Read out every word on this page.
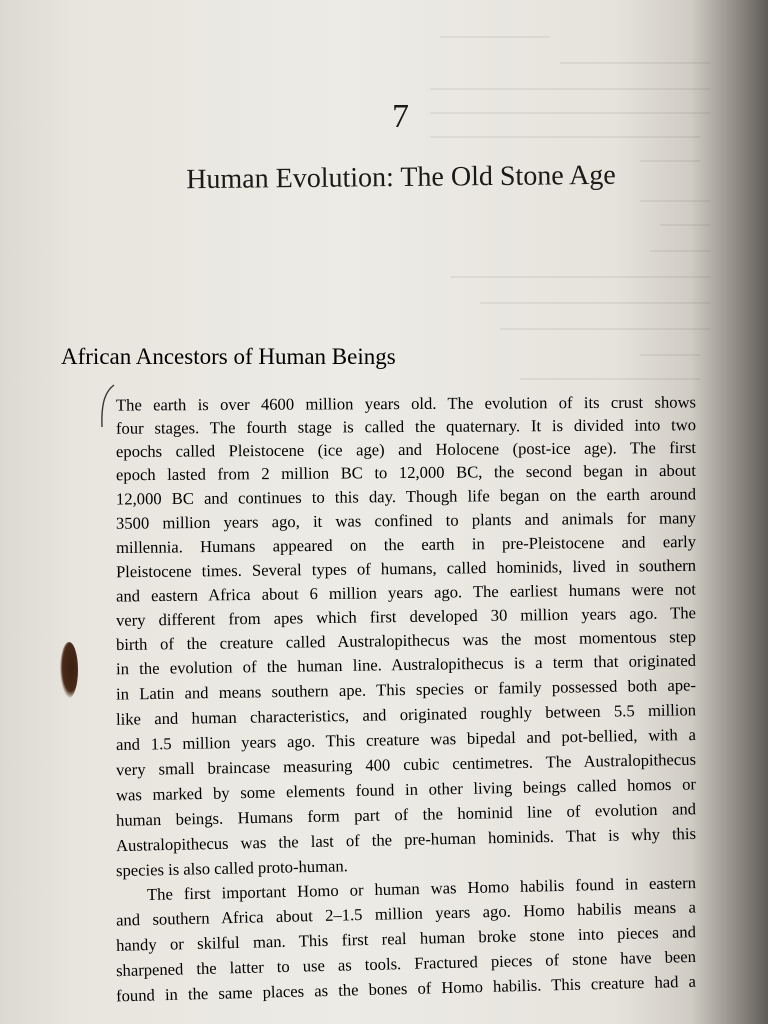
7
Human Evolution: The Old Stone Age
African Ancestors of Human Beings
The earth is over 4600 million years old. The evolution of its crust shows
four stages. The fourth stage is called the quaternary. It is divided into two
epochs called Pleistocene (ice age) and Holocene (post-ice age). The first
epoch lasted from 2 million BC to 12,000 BC, the second began in about
12,000 BC and continues to this day. Though life began on the earth around
3500 million years ago, it was confined to plants and animals for many
millennia. Humans appeared on the earth in pre-Pleistocene and early
Pleistocene times. Several types of humans, called hominids, lived in southern
and eastern Africa about 6 million years ago. The earliest humans were not
very different from apes which first developed 30 million years ago. The
birth of the creature called Australopithecus was the most momentous step
in the evolution of the human line. Australopithecus is a term that originated
in Latin and means southern ape. This species or family possessed both ape-
like and human characteristics, and originated roughly between 5.5 million
and 1.5 million years ago. This creature was bipedal and pot-bellied, with a
very small braincase measuring 400 cubic centimetres. The Australopithecus
was marked by some elements found in other living beings called homos or
human beings. Humans form part of the hominid line of evolution and
Australopithecus was the last of the pre-human hominids. That is why this
species is also called proto-human.
The first important Homo or human was Homo habilis found in eastern
and southern Africa about 2–1.5 million years ago. Homo habilis means a
handy or skilful man. This first real human broke stone into pieces and
sharpened the latter to use as tools. Fractured pieces of stone have been
found in the same places as the bones of Homo habilis. This creature had a
